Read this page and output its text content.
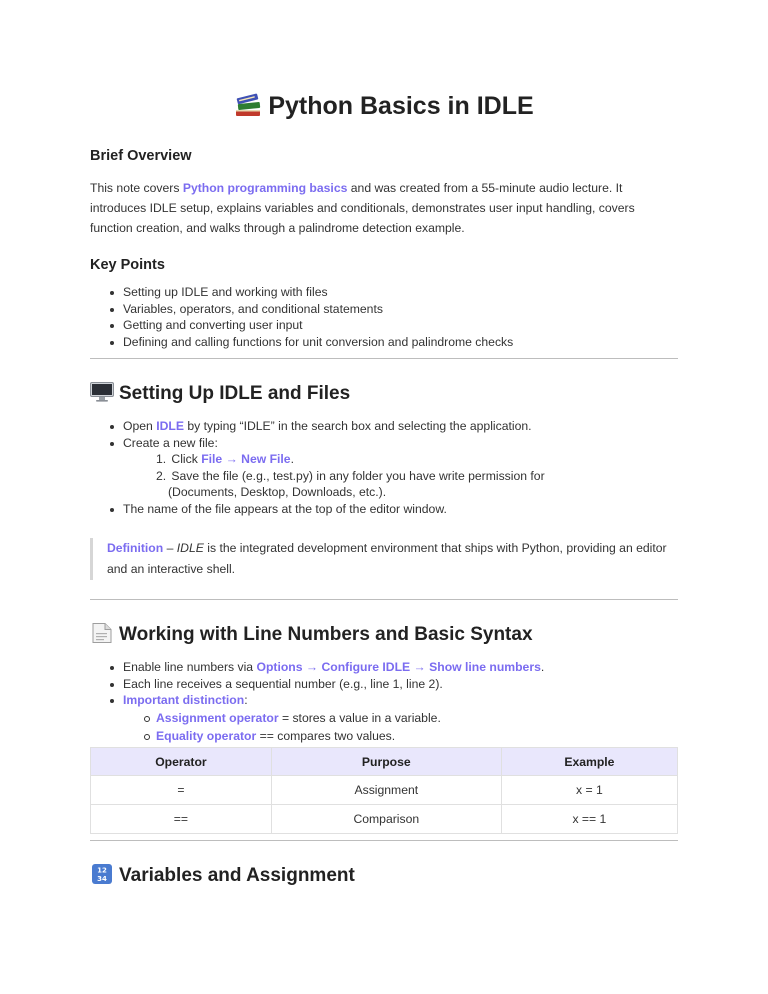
Python Basics in IDLE
Brief Overview

This note covers Python programming basics and was created from a 55-minute audio lecture. It introduces IDLE setup, explains variables and conditionals, demonstrates user input handling, covers function creation, and walks through a palindrome detection example.

Key Points
Setting up IDLE and working with files
Variables, operators, and conditional statements
Getting and converting user input
Defining and calling functions for unit conversion and palindrome checks
Setting Up IDLE and Files
Open IDLE by typing “IDLE” in the search box and selecting the application.
Create a new file:
1. Click File → New File.
2. Save the file (e.g., test.py) in any folder you have write permission for
(Documents, Desktop, Downloads, etc.).
The name of the file appears at the top of the editor window.
Definition – IDLE is the integrated development environment that ships with Python, providing an editor and an interactive shell.
Working with Line Numbers and Basic Syntax
Enable line numbers via Options → Configure IDLE → Show line numbers.
Each line receives a sequential number (e.g., line 1, line 2).
Important distinction:
Assignment operator = stores a value in a variable.
Equality operator == compares two values.
Operator	Purpose	Example
=	Assignment	x = 1
==	Comparison	x == 1
12
34 Variables and Assignment
